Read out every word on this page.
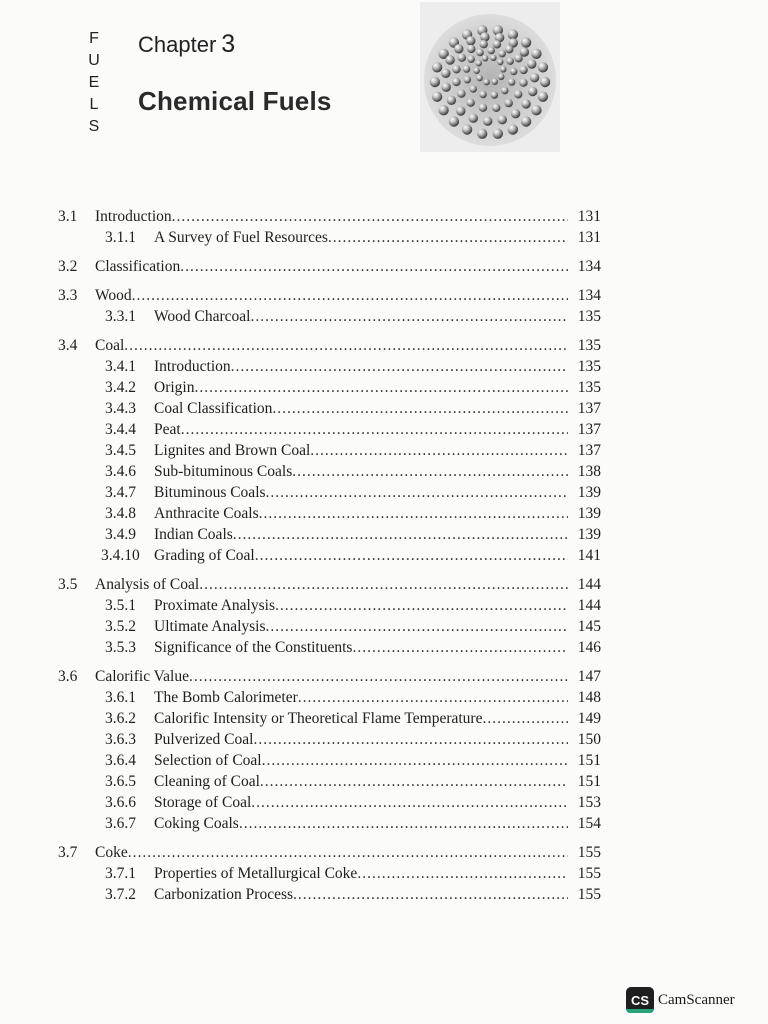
F
U
E
L
S
Chapter 3
Chemical Fuels
3.1 Introduction .....	131
3.1.1 A Survey of Fuel Resources .....	131
3.2 Classification .....	134
3.3 Wood .....	134
3.3.1 Wood Charcoal .....	135
3.4 Coal .....	135
3.4.1 Introduction .....	135
3.4.2 Origin .....	135
3.4.3 Coal Classification .....	137
3.4.4 Peat .....	137
3.4.5 Lignites and Brown Coal .....	137
3.4.6 Sub-bituminous Coals .....	138
3.4.7 Bituminous Coals .....	139
3.4.8 Anthracite Coals .....	139
3.4.9 Indian Coals .....	139
3.4.10 Grading of Coal .....	141
3.5 Analysis of Coal .....	144
3.5.1 Proximate Analysis .....	144
3.5.2 Ultimate Analysis .....	145
3.5.3 Significance of the Constituents .....	146
3.6 Calorific Value .....	147
3.6.1 The Bomb Calorimeter .....	148
3.6.2 Calorific Intensity or Theoretical Flame Temperature .....	149
3.6.3 Pulverized Coal .....	150
3.6.4 Selection of Coal .....	151
3.6.5 Cleaning of Coal .....	151
3.6.6 Storage of Coal .....	153
3.6.7 Coking Coals .....	154
3.7 Coke .....	155
3.7.1 Properties of Metallurgical Coke .....	155
3.7.2 Carbonization Process .....	155
CS CamScanner
